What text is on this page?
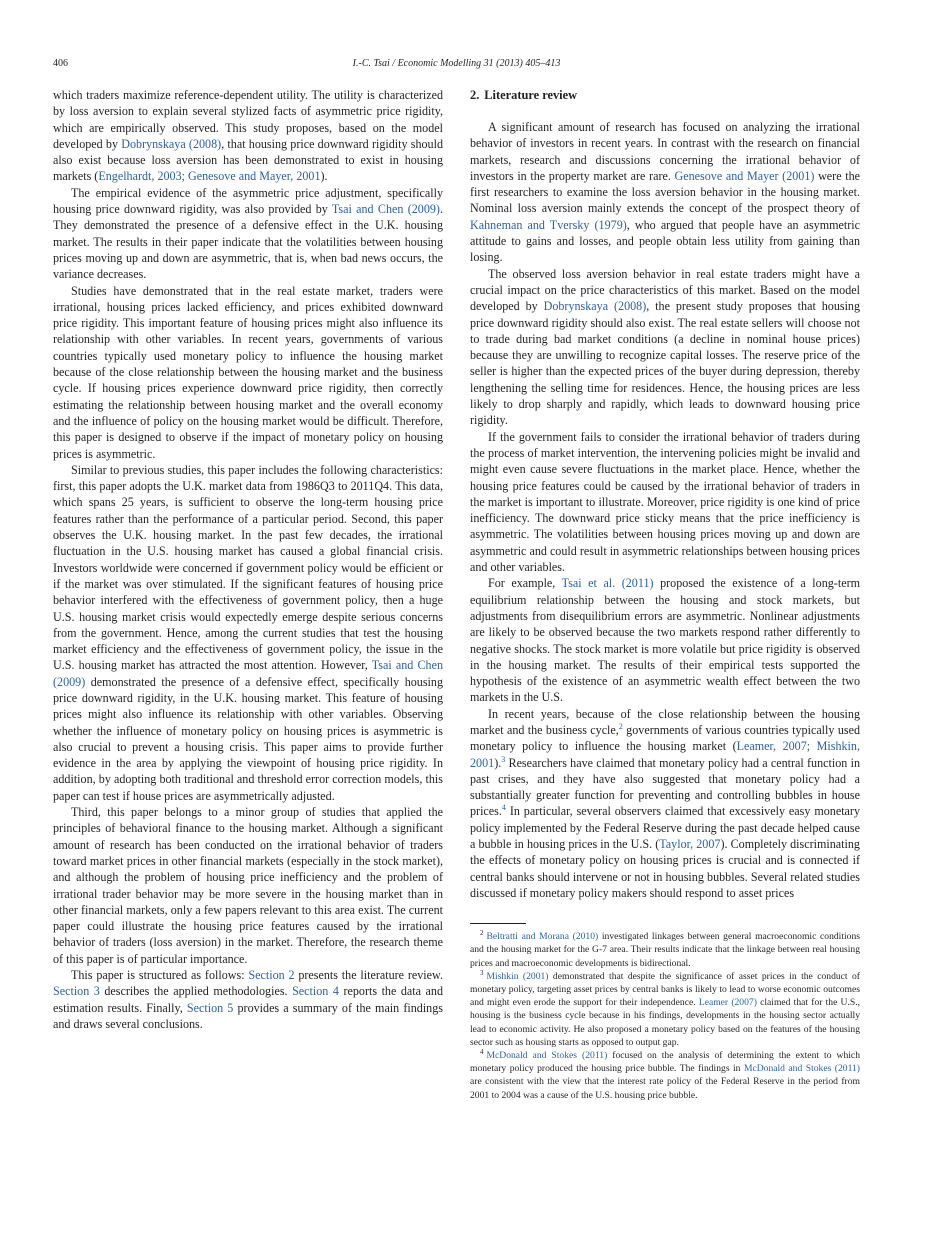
406	I.-C. Tsai / Economic Modelling 31 (2013) 405–413

which traders maximize reference-dependent utility. The utility is characterized by loss aversion to explain several stylized facts of asymmetric price rigidity, which are empirically observed. This study proposes, based on the model developed by Dobrynskaya (2008), that housing price downward rigidity should also exist because loss aversion has been demonstrated to exist in housing markets (Engelhardt, 2003; Genesove and Mayer, 2001).

The empirical evidence of the asymmetric price adjustment, specifically housing price downward rigidity, was also provided by Tsai and Chen (2009). They demonstrated the presence of a defensive effect in the U.K. housing market. The results in their paper indicate that the volatilities between housing prices moving up and down are asymmetric, that is, when bad news occurs, the variance decreases.

Studies have demonstrated that in the real estate market, traders were irrational, housing prices lacked efficiency, and prices exhibited downward price rigidity. This important feature of housing prices might also influence its relationship with other variables. In recent years, governments of various countries typically used monetary policy to influence the housing market because of the close relationship between the housing market and the business cycle. If housing prices experience downward price rigidity, then correctly estimating the relationship between housing market and the overall economy and the influence of policy on the housing market would be difficult. Therefore, this paper is designed to observe if the impact of monetary policy on housing prices is asymmetric.

Similar to previous studies, this paper includes the following characteristics: first, this paper adopts the U.K. market data from 1986Q3 to 2011Q4. This data, which spans 25 years, is sufficient to observe the long-term housing price features rather than the performance of a particular period. Second, this paper observes the U.K. housing market. In the past few decades, the irrational fluctuation in the U.S. housing market has caused a global financial crisis. Investors worldwide were concerned if government policy would be efficient or if the market was over stimulated. If the significant features of housing price behavior interfered with the effectiveness of government policy, then a huge U.S. housing market crisis would expectedly emerge despite serious concerns from the government. Hence, among the current studies that test the housing market efficiency and the effectiveness of government policy, the issue in the U.S. housing market has attracted the most attention. However, Tsai and Chen (2009) demonstrated the presence of a defensive effect, specifically housing price downward rigidity, in the U.K. housing market. This feature of housing prices might also influence its relationship with other variables. Observing whether the influence of monetary policy on housing prices is asymmetric is also crucial to prevent a housing crisis. This paper aims to provide further evidence in the area by applying the viewpoint of housing price rigidity. In addition, by adopting both traditional and threshold error correction models, this paper can test if house prices are asymmetrically adjusted.

Third, this paper belongs to a minor group of studies that applied the principles of behavioral finance to the housing market. Although a significant amount of research has been conducted on the irrational behavior of traders toward market prices in other financial markets (especially in the stock market), and although the problem of housing price inefficiency and the problem of irrational trader behavior may be more severe in the housing market than in other financial markets, only a few papers relevant to this area exist. The current paper could illustrate the housing price features caused by the irrational behavior of traders (loss aversion) in the market. Therefore, the research theme of this paper is of particular importance.

This paper is structured as follows: Section 2 presents the literature review. Section 3 describes the applied methodologies. Section 4 reports the data and estimation results. Finally, Section 5 provides a summary of the main findings and draws several conclusions.

2. Literature review

A significant amount of research has focused on analyzing the irrational behavior of investors in recent years. In contrast with the research on financial markets, research and discussions concerning the irrational behavior of investors in the property market are rare. Genesove and Mayer (2001) were the first researchers to examine the loss aversion behavior in the housing market. Nominal loss aversion mainly extends the concept of the prospect theory of Kahneman and Tversky (1979), who argued that people have an asymmetric attitude to gains and losses, and people obtain less utility from gaining than losing.

The observed loss aversion behavior in real estate traders might have a crucial impact on the price characteristics of this market. Based on the model developed by Dobrynskaya (2008), the present study proposes that housing price downward rigidity should also exist. The real estate sellers will choose not to trade during bad market conditions (a decline in nominal house prices) because they are unwilling to recognize capital losses. The reserve price of the seller is higher than the expected prices of the buyer during depression, thereby lengthening the selling time for residences. Hence, the housing prices are less likely to drop sharply and rapidly, which leads to downward housing price rigidity.

If the government fails to consider the irrational behavior of traders during the process of market intervention, the intervening policies might be invalid and might even cause severe fluctuations in the market place. Hence, whether the housing price features could be caused by the irrational behavior of traders in the market is important to illustrate. Moreover, price rigidity is one kind of price inefficiency. The downward price sticky means that the price inefficiency is asymmetric. The volatilities between housing prices moving up and down are asymmetric and could result in asymmetric relationships between housing prices and other variables.

For example, Tsai et al. (2011) proposed the existence of a long-term equilibrium relationship between the housing and stock markets, but adjustments from disequilibrium errors are asymmetric. Nonlinear adjustments are likely to be observed because the two markets respond rather differently to negative shocks. The stock market is more volatile but price rigidity is observed in the housing market. The results of their empirical tests supported the hypothesis of the existence of an asymmetric wealth effect between the two markets in the U.S.

In recent years, because of the close relationship between the housing market and the business cycle,$^2$ governments of various countries typically used monetary policy to influence the housing market (Leamer, 2007; Mishkin, 2001).$^3$ Researchers have claimed that monetary policy had a central function in past crises, and they have also suggested that monetary policy had a substantially greater function for preventing and controlling bubbles in house prices.$^4$ In particular, several observers claimed that excessively easy monetary policy implemented by the Federal Reserve during the past decade helped cause a bubble in housing prices in the U.S. (Taylor, 2007). Completely discriminating the effects of monetary policy on housing prices is crucial and is connected if central banks should intervene or not in housing bubbles. Several related studies discussed if monetary policy makers should respond to asset prices

$^2$ Beltratti and Morana (2010) investigated linkages between general macroeconomic conditions and the housing market for the G-7 area. Their results indicate that the linkage between real housing prices and macroeconomic developments is bidirectional.

$^3$ Mishkin (2001) demonstrated that despite the significance of asset prices in the conduct of monetary policy, targeting asset prices by central banks is likely to lead to worse economic outcomes and might even erode the support for their independence. Leamer (2007) claimed that for the U.S., housing is the business cycle because in his findings, developments in the housing sector actually lead to economic activity. He also proposed a monetary policy based on the features of the housing sector such as housing starts as opposed to output gap.

$^4$ McDonald and Stokes (2011) focused on the analysis of determining the extent to which monetary policy produced the housing price bubble. The findings in McDonald and Stokes (2011) are consistent with the view that the interest rate policy of the Federal Reserve in the period from 2001 to 2004 was a cause of the U.S. housing price bubble.
